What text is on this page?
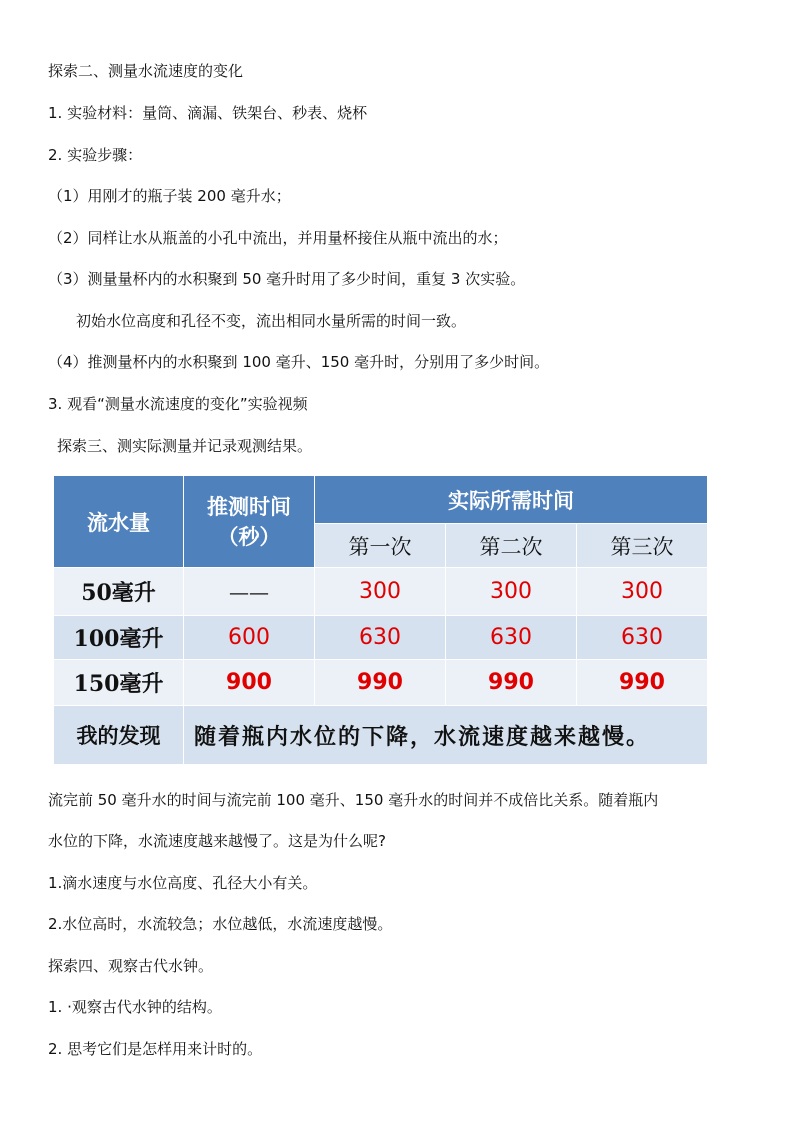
探索二、测量水流速度的变化
1. 实验材料：量筒、滴漏、铁架台、秒表、烧杯
2. 实验步骤：
（1）用刚才的瓶子装 200 毫升水；
（2）同样让水从瓶盖的小孔中流出，并用量杯接住从瓶中流出的水；
（3）测量量杯内的水积聚到 50 毫升时用了多少时间，重复 3 次实验。
初始水位高度和孔径不变，流出相同水量所需的时间一致。
（4）推测量杯内的水积聚到 100 毫升、150 毫升时，分别用了多少时间。
3. 观看“测量水流速度的变化”实验视频
探索三、测实际测量并记录观测结果。
流水量	推测时间（秒）	实际所需时间		
		第一次	第二次	第三次
50毫升	——	300	300	300
100毫升	600	630	630	630
150毫升	900	990	990	990
我的发现	随着瓶内水位的下降，水流速度越来越慢。			
流完前 50 毫升水的时间与流完前 100 毫升、150 毫升水的时间并不成倍比关系。随着瓶内
水位的下降，水流速度越来越慢了。这是为什么呢?
1.滴水速度与水位高度、孔径大小有关。
2.水位高时，水流较急；水位越低，水流速度越慢。
探索四、观察古代水钟。
1. ·观察古代水钟的结构。
2. 思考它们是怎样用来计时的。
